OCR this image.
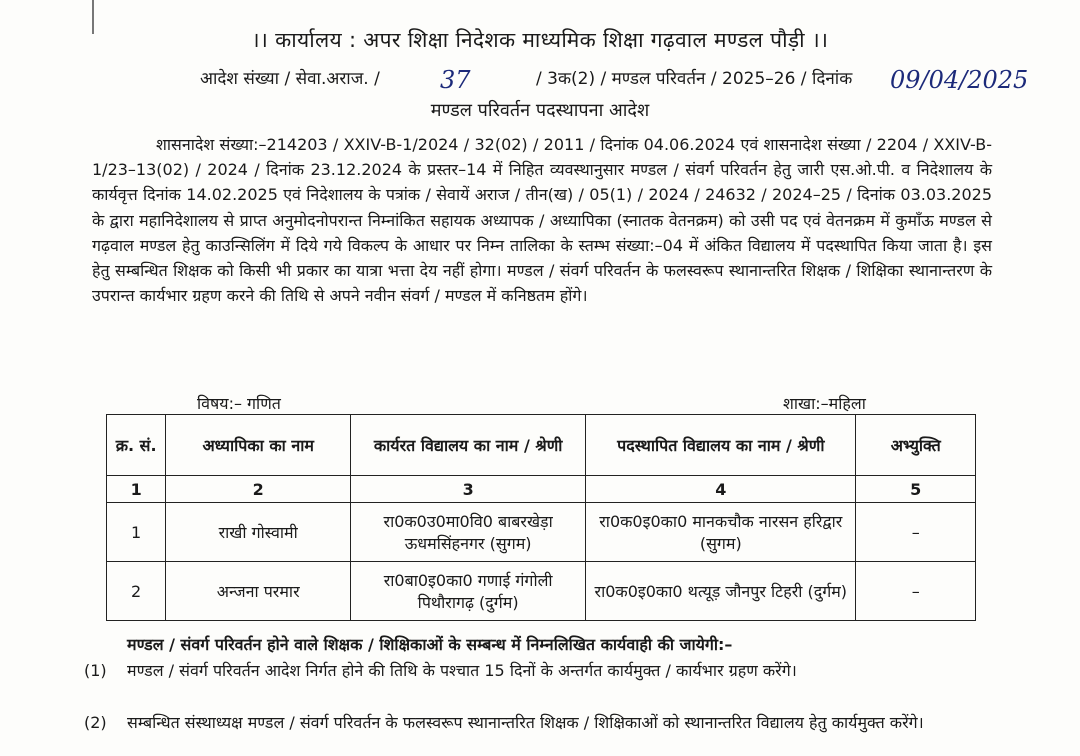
।। कार्यालय : अपर शिक्षा निदेशक माध्यमिक शिक्षा गढ़वाल मण्डल पौड़ी ।।
आदेश संख्या / सेवा.अराज. /	37	/ 3क(2) / मण्डल परिवर्तन / 2025–26 / दिनांक 09/04/2025
मण्डल परिवर्तन पदस्थापना आदेश
शासनादेश संख्या:–214203 / XXIV-B-1/2024 / 32(02) / 2011 / दिनांक 04.06.2024 एवं शासनादेश संख्या / 2204 / XXIV-B-1/23–13(02) / 2024 / दिनांक 23.12.2024 के प्रस्तर–14 में निहित व्यवस्थानुसार मण्डल / संवर्ग परिवर्तन हेतु जारी एस.ओ.पी. व निदेशालय के कार्यवृत्त दिनांक 14.02.2025 एवं निदेशालय के पत्रांक / सेवायें अराज / तीन(ख) / 05(1) / 2024 / 24632 / 2024–25 / दिनांक 03.03.2025 के द्वारा महानिदेशालय से प्राप्त अनुमोदनोपरान्त निम्नांकित सहायक अध्यापक / अध्यापिका (स्नातक वेतनक्रम) को उसी पद एवं वेतनक्रम में कुमाँऊ मण्डल से गढ़वाल मण्डल हेतु काउन्सिलिंग में दिये गये विकल्प के आधार पर निम्न तालिका के स्तम्भ संख्या:–04 में अंकित विद्यालय में पदस्थापित किया जाता है। इस हेतु सम्बन्धित शिक्षक को किसी भी प्रकार का यात्रा भत्ता देय नहीं होगा। मण्डल / संवर्ग परिवर्तन के फलस्वरूप स्थानान्तरित शिक्षक / शिक्षिका स्थानान्तरण के उपरान्त कार्यभार ग्रहण करने की तिथि से अपने नवीन संवर्ग / मण्डल में कनिष्ठतम होंगे।
विषय:– गणित	शाखा:–महिला
क्र. सं.	अध्यापिका का नाम	कार्यरत विद्यालय का नाम / श्रेणी	पदस्थापित विद्यालय का नाम / श्रेणी	अभ्युक्ति
1	2	3	4	5
1	राखी गोस्वामी	रा0क0उ0मा0वि0 बाबरखेड़ा ऊधमसिंहनगर (सुगम)	रा0क0इ0का0 मानकचौक नारसन हरिद्वार (सुगम)	–
2	अन्जना परमार	रा0बा0इ0का0 गणाई गंगोली पिथौरागढ़ (दुर्गम)	रा0क0इ0का0 थत्यूड़ जौनपुर टिहरी (दुर्गम)	–
मण्डल / संवर्ग परिवर्तन होने वाले शिक्षक / शिक्षिकाओं के सम्बन्ध में निम्नलिखित कार्यवाही की जायेगी:–
(1) मण्डल / संवर्ग परिवर्तन आदेश निर्गत होने की तिथि के पश्चात 15 दिनों के अन्तर्गत कार्यमुक्त / कार्यभार ग्रहण करेंगे।
(2) सम्बन्धित संस्थाध्यक्ष मण्डल / संवर्ग परिवर्तन के फलस्वरूप स्थानान्तरित शिक्षक / शिक्षिकाओं को स्थानान्तरित विद्यालय हेतु कार्यमुक्त करेंगे।
